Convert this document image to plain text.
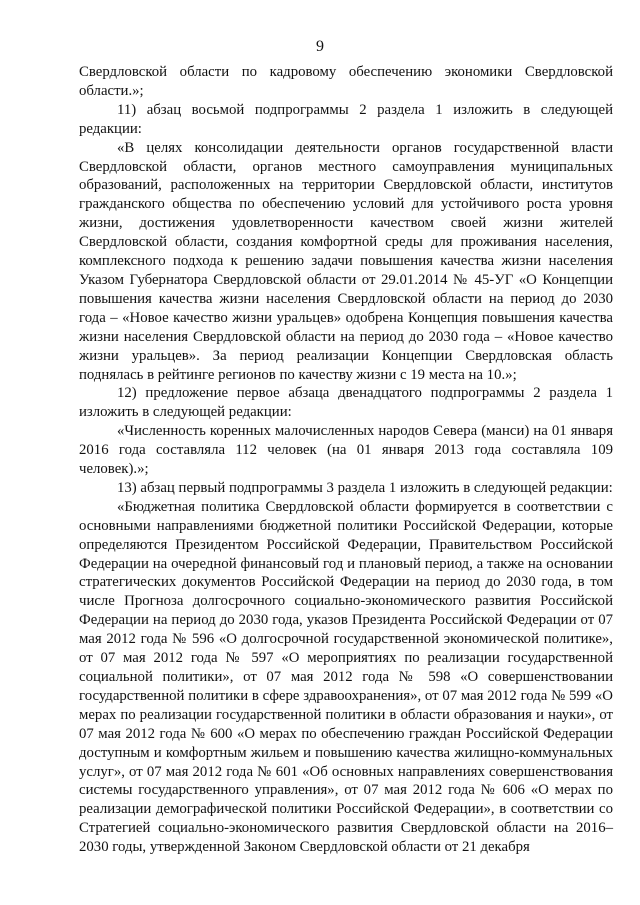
9

Свердловской области по кадровому обеспечению экономики Свердловской области.»;

11) абзац восьмой подпрограммы 2 раздела 1 изложить в следующей редакции:

«В целях консолидации деятельности органов государственной власти Свердловской области, органов местного самоуправления муниципальных образований, расположенных на территории Свердловской области, институтов гражданского общества по обеспечению условий для устойчивого роста уровня жизни, достижения удовлетворенности качеством своей жизни жителей Свердловской области, создания комфортной среды для проживания населения, комплексного подхода к решению задачи повышения качества жизни населения Указом Губернатора Свердловской области от 29.01.2014 № 45-УГ «О Концепции повышения качества жизни населения Свердловской области на период до 2030 года – «Новое качество жизни уральцев» одобрена Концепция повышения качества жизни населения Свердловской области на период до 2030 года – «Новое качество жизни уральцев». За период реализации Концепции Свердловская область поднялась в рейтинге регионов по качеству жизни с 19 места на 10.»;

12) предложение первое абзаца двенадцатого подпрограммы 2 раздела 1 изложить в следующей редакции:

«Численность коренных малочисленных народов Севера (манси) на 01 января 2016 года составляла 112 человек (на 01 января 2013 года составляла 109 человек).»;

13) абзац первый подпрограммы 3 раздела 1 изложить в следующей редакции:

«Бюджетная политика Свердловской области формируется в соответствии с основными направлениями бюджетной политики Российской Федерации, которые определяются Президентом Российской Федерации, Правительством Российской Федерации на очередной финансовый год и плановый период, а также на основании стратегических документов Российской Федерации на период до 2030 года, в том числе Прогноза долгосрочного социально-экономического развития Российской Федерации на период до 2030 года, указов Президента Российской Федерации от 07 мая 2012 года № 596 «О долгосрочной государственной экономической политике», от 07 мая 2012 года № 597 «О мероприятиях по реализации государственной социальной политики», от 07 мая 2012 года № 598 «О совершенствовании государственной политики в сфере здравоохранения», от 07 мая 2012 года № 599 «О мерах по реализации государственной политики в области образования и науки», от 07 мая 2012 года № 600 «О мерах по обеспечению граждан Российской Федерации доступным и комфортным жильем и повышению качества жилищно-коммунальных услуг», от 07 мая 2012 года № 601 «Об основных направлениях совершенствования системы государственного управления», от 07 мая 2012 года № 606 «О мерах по реализации демографической политики Российской Федерации», в соответствии со Стратегией социально-экономического развития Свердловской области на 2016–2030 годы, утвержденной Законом Свердловской области от 21 декабря
